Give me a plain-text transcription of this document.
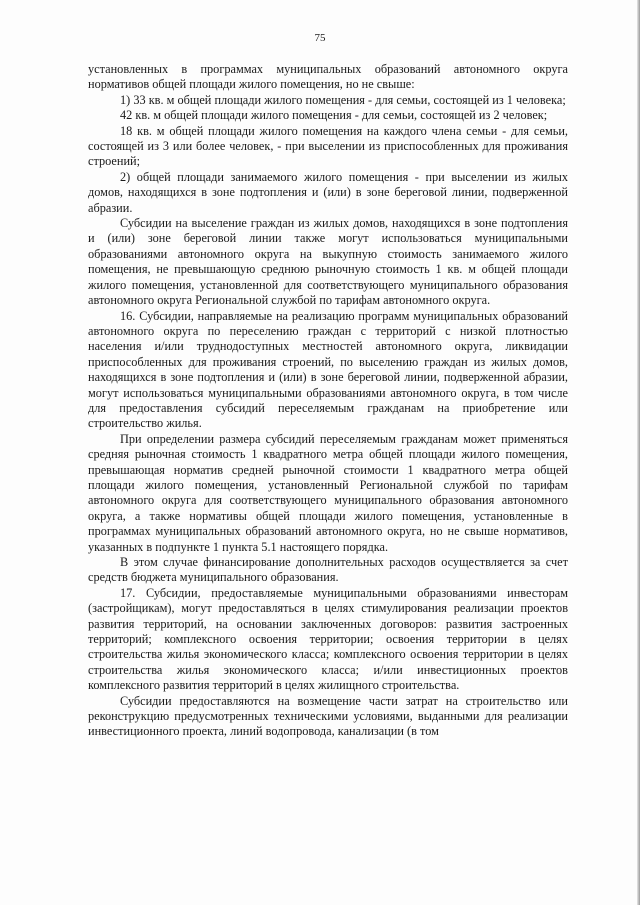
75

установленных в программах муниципальных образований автономного округа нормативов общей площади жилого помещения, но не свыше:

1) 33 кв. м общей площади жилого помещения - для семьи, состоящей из 1 человека;

42 кв. м общей площади жилого помещения - для семьи, состоящей из 2 человек;

18 кв. м общей площади жилого помещения на каждого члена семьи - для семьи, состоящей из 3 или более человек, - при выселении из приспособленных для проживания строений;

2) общей площади занимаемого жилого помещения - при выселении из жилых домов, находящихся в зоне подтопления и (или) в зоне береговой линии, подверженной абразии.

Субсидии на выселение граждан из жилых домов, находящихся в зоне подтопления и (или) зоне береговой линии также могут использоваться муниципальными образованиями автономного округа на выкупную стоимость занимаемого жилого помещения, не превышающую среднюю рыночную стоимость 1 кв. м общей площади жилого помещения, установленной для соответствующего муниципального образования автономного округа Региональной службой по тарифам автономного округа.

16. Субсидии, направляемые на реализацию программ муниципальных образований автономного округа по переселению граждан с территорий с низкой плотностью населения и/или труднодоступных местностей автономного округа, ликвидации приспособленных для проживания строений, по выселению граждан из жилых домов, находящихся в зоне подтопления и (или) в зоне береговой линии, подверженной абразии, могут использоваться муниципальными образованиями автономного округа, в том числе для предоставления субсидий переселяемым гражданам на приобретение или строительство жилья.

При определении размера субсидий переселяемым гражданам может применяться средняя рыночная стоимость 1 квадратного метра общей площади жилого помещения, превышающая норматив средней рыночной стоимости 1 квадратного метра общей площади жилого помещения, установленный Региональной службой по тарифам автономного округа для соответствующего муниципального образования автономного округа, а также нормативы общей площади жилого помещения, установленные в программах муниципальных образований автономного округа, но не свыше нормативов, указанных в подпункте 1 пункта 5.1 настоящего порядка.

В этом случае финансирование дополнительных расходов осуществляется за счет средств бюджета муниципального образования.

17. Субсидии, предоставляемые муниципальными образованиями инвесторам (застройщикам), могут предоставляться в целях стимулирования реализации проектов развития территорий, на основании заключенных договоров: развития застроенных территорий; комплексного освоения территории; освоения территории в целях строительства жилья экономического класса; комплексного освоения территории в целях строительства жилья экономического класса; и/или инвестиционных проектов комплексного развития территорий в целях жилищного строительства.

Субсидии предоставляются на возмещение части затрат на строительство или реконструкцию предусмотренных техническими условиями, выданными для реализации инвестиционного проекта, линий водопровода, канализации (в том
